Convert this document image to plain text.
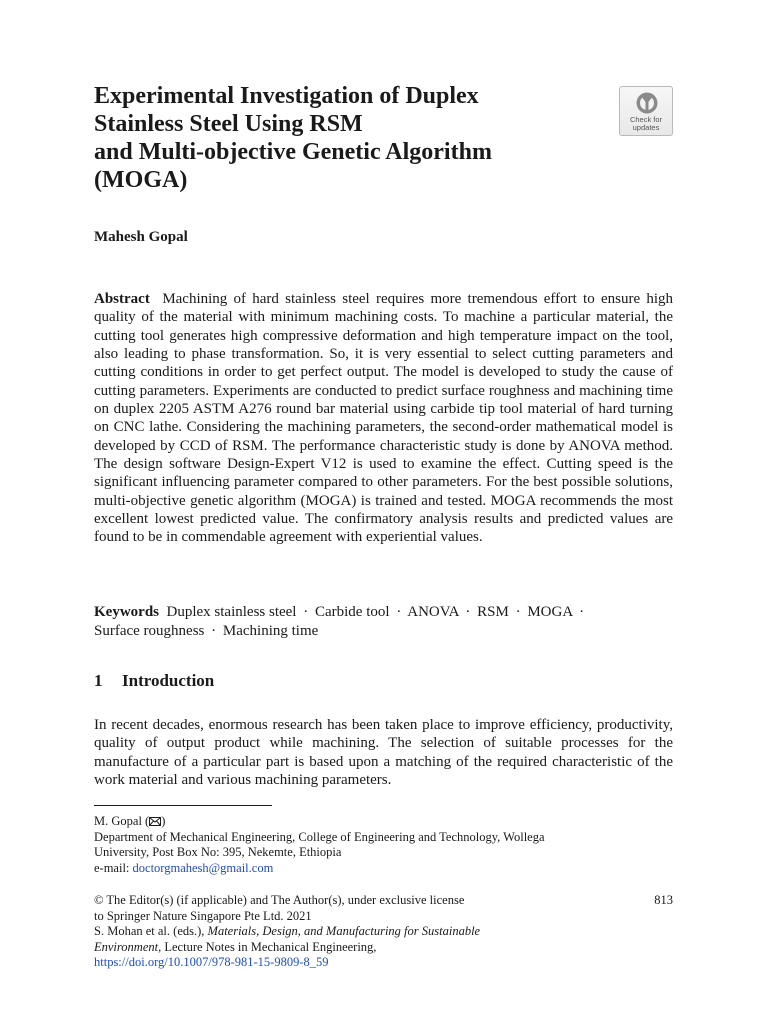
Experimental Investigation of Duplex
Stainless Steel Using RSM
and Multi-objective Genetic Algorithm
(MOGA)
Check for
updates
Mahesh Gopal

Abstract Machining of hard stainless steel requires more tremendous effort to ensure high quality of the material with minimum machining costs. To machine a particular material, the cutting tool generates high compressive deformation and high temperature impact on the tool, also leading to phase transformation. So, it is very essential to select cutting parameters and cutting conditions in order to get perfect output. The model is developed to study the cause of cutting parameters. Experiments are conducted to predict surface roughness and machining time on duplex 2205 ASTM A276 round bar material using carbide tip tool material of hard turning on CNC lathe. Considering the machining parameters, the second-order mathematical model is developed by CCD of RSM. The performance characteristic study is done by ANOVA method. The design software Design-Expert V12 is used to examine the effect. Cutting speed is the significant influencing parameter compared to other parameters. For the best possible solutions, multi-objective genetic algorithm (MOGA) is trained and tested. MOGA recommends the most excellent lowest predicted value. The confirmatory analysis results and predicted values are found to be in commendable agreement with experiential values.

Keywords Duplex stainless steel · Carbide tool · ANOVA · RSM · MOGA ·
Surface roughness · Machining time
1 Introduction

In recent decades, enormous research has been taken place to improve efficiency, productivity, quality of output product while machining. The selection of suitable processes for the manufacture of a particular part is based upon a matching of the required characteristic of the work material and various machining parameters.

M. Gopal ( )
Department of Mechanical Engineering, College of Engineering and Technology, Wollega
University, Post Box No: 395, Nekemte, Ethiopia
e-mail: doctorgmahesh@gmail.com
© The Editor(s) (if applicable) and The Author(s), under exclusive license
to Springer Nature Singapore Pte Ltd. 2021
S. Mohan et al. (eds.), Materials, Design, and Manufacturing for Sustainable
Environment, Lecture Notes in Mechanical Engineering,
https://doi.org/10.1007/978-981-15-9809-8_59
813
